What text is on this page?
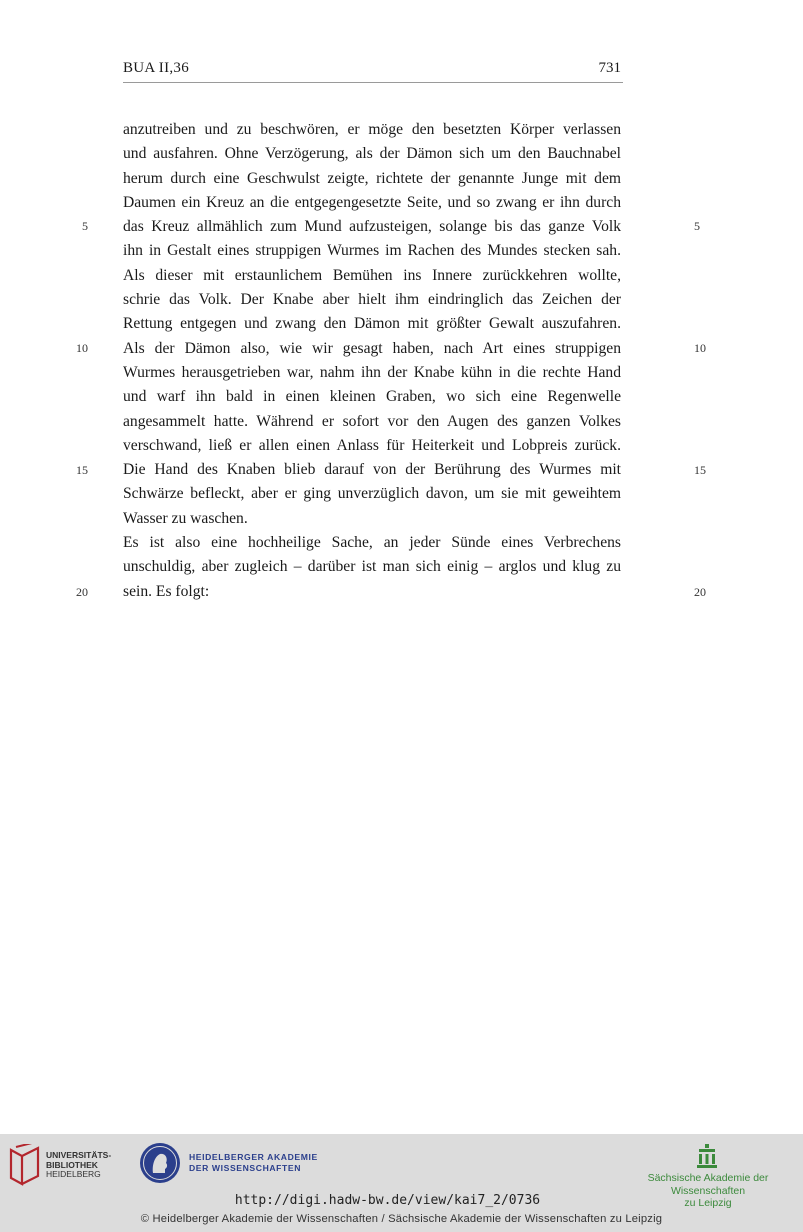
BUA II,36	731
anzutreiben und zu beschwören, er möge den besetzten Körper verlassen
und ausfahren. Ohne Verzögerung, als der Dämon sich um den Bauchnabel
herum durch eine Geschwulst zeigte, richtete der genannte Junge mit dem
Daumen ein Kreuz an die entgegengesetzte Seite, und so zwang er ihn durch
das Kreuz allmählich zum Mund aufzusteigen, solange bis das ganze Volk
ihn in Gestalt eines struppigen Wurmes im Rachen des Mundes stecken sah.
Als dieser mit erstaunlichem Bemühen ins Innere zurückkehren wollte,
schrie das Volk. Der Knabe aber hielt ihm eindringlich das Zeichen der
Rettung entgegen und zwang den Dämon mit größter Gewalt auszufahren.
Als der Dämon also, wie wir gesagt haben, nach Art eines struppigen
Wurmes herausgetrieben war, nahm ihn der Knabe kühn in die rechte Hand
und warf ihn bald in einen kleinen Graben, wo sich eine Regenwelle
angesammelt hatte. Während er sofort vor den Augen des ganzen Volkes
verschwand, ließ er allen einen Anlass für Heiterkeit und Lobpreis zurück.
Die Hand des Knaben blieb darauf von der Berührung des Wurmes mit
Schwärze befleckt, aber er ging unverzüglich davon, um sie mit geweihtem
Wasser zu waschen.
Es ist also eine hochheilige Sache, an jeder Sünde eines Verbrechens
unschuldig, aber zugleich – darüber ist man sich einig – arglos und klug zu
sein. Es folgt:
5	5
10	10
15	15
20	20
UNIVERSITÄTS-
BIBLIOTHEK
HEIDELBERG
HEIDELBERGER AKADEMIE
DER WISSENSCHAFTEN
Sächsische Akademie der Wissenschaften
zu Leipzig
http://digi.hadw-bw.de/view/kai7_2/0736
© Heidelberger Akademie der Wissenschaften / Sächsische Akademie der Wissenschaften zu Leipzig
